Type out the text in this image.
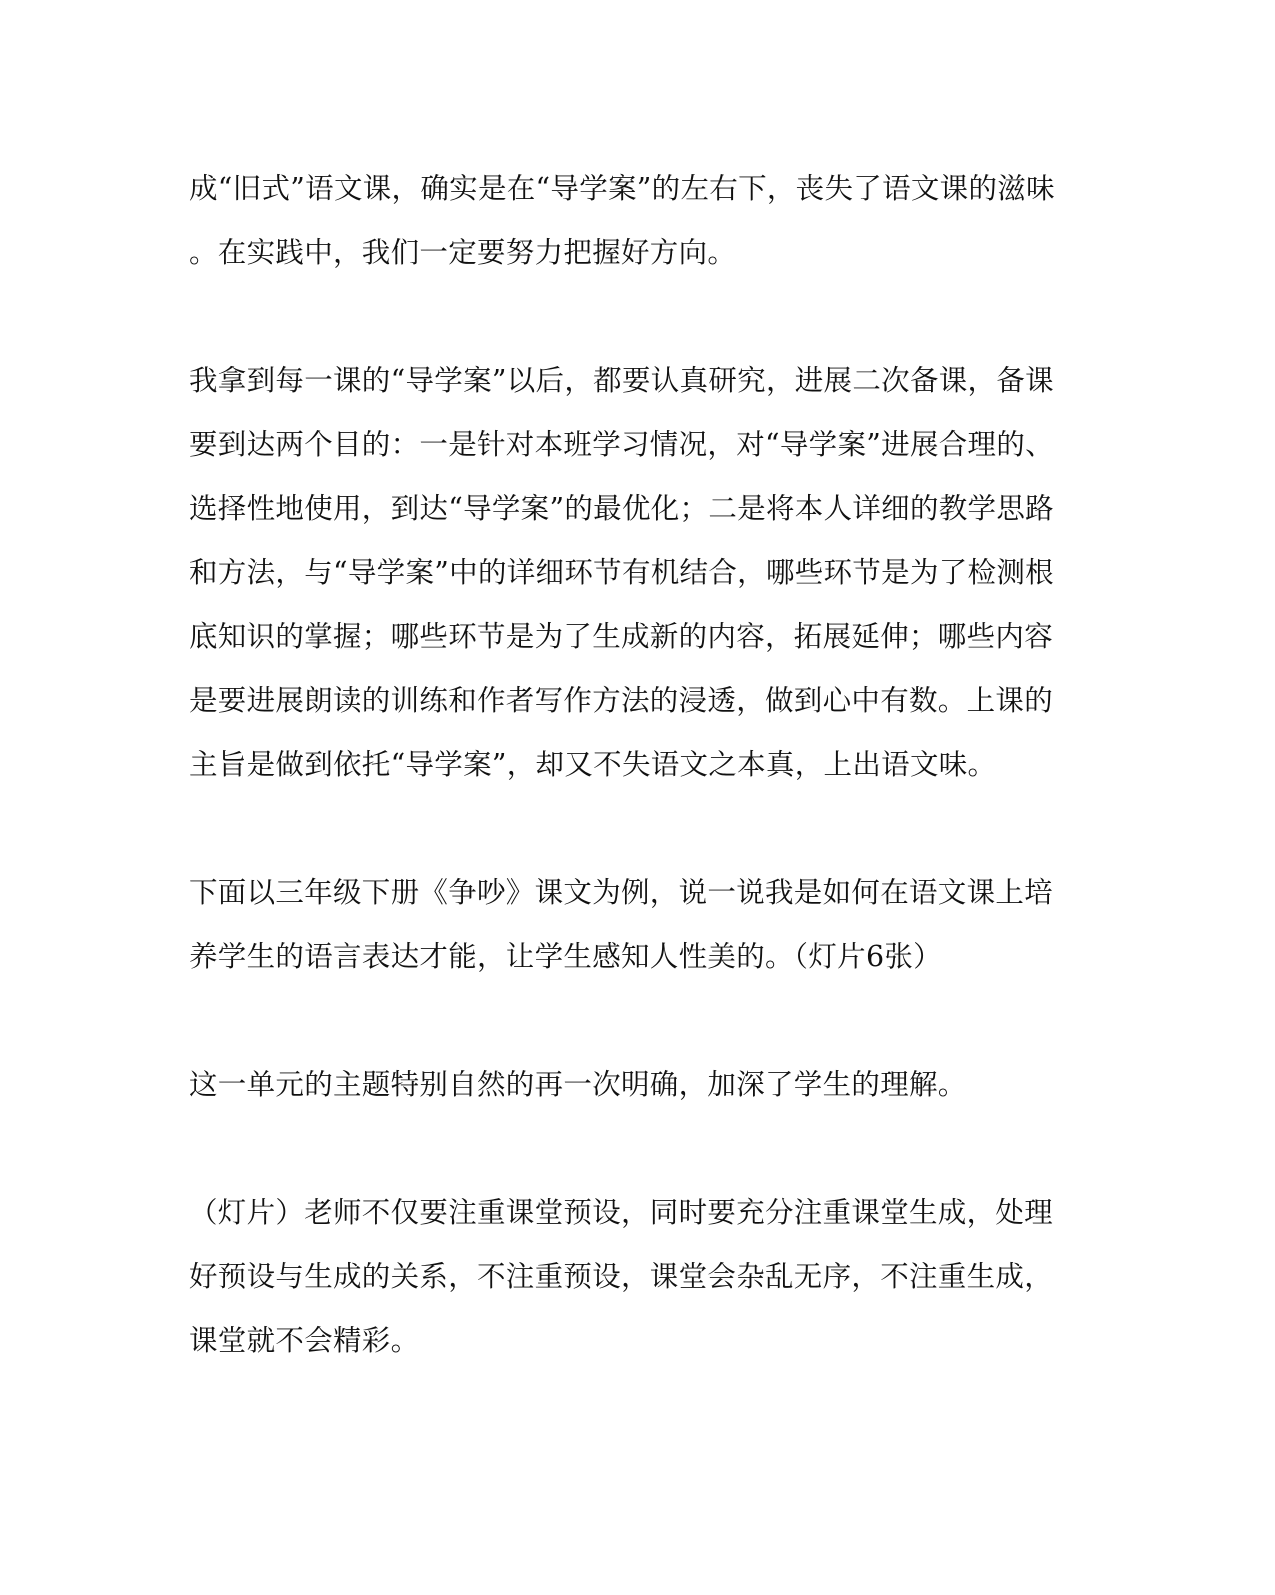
成“旧式”语文课，确实是在“导学案”的左右下，丧失了语文课的滋味
。在实践中，我们一定要努力把握好方向。
我拿到每一课的“导学案”以后，都要认真研究，进展二次备课，备课
要到达两个目的：一是针对本班学习情况，对“导学案”进展合理的、
选择性地使用，到达“导学案”的最优化；二是将本人详细的教学思路
和方法，与“导学案”中的详细环节有机结合，哪些环节是为了检测根
底知识的掌握；哪些环节是为了生成新的内容，拓展延伸；哪些内容
是要进展朗读的训练和作者写作方法的浸透，做到心中有数。上课的
主旨是做到依托“导学案”，却又不失语文之本真，上出语文味。
下面以三年级下册《争吵》课文为例，说一说我是如何在语文课上培
养学生的语言表达才能，让学生感知人性美的。（灯片6张）
这一单元的主题特别自然的再一次明确，加深了学生的理解。
（灯片）老师不仅要注重课堂预设，同时要充分注重课堂生成，处理
好预设与生成的关系，不注重预设，课堂会杂乱无序，不注重生成，
课堂就不会精彩。
